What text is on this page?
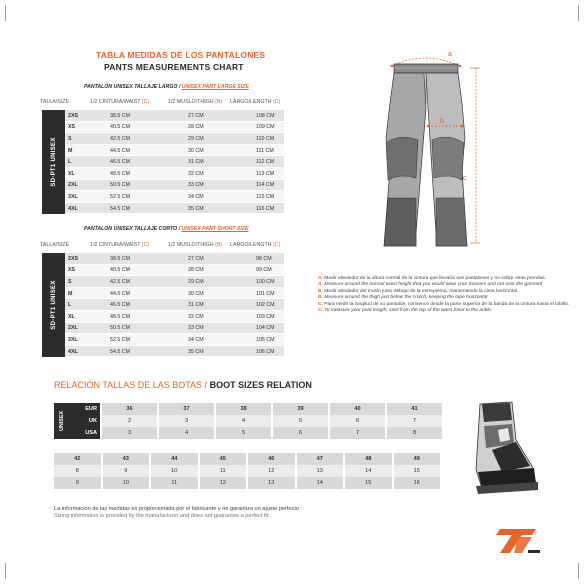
TABLA MEDIDAS DE LOS PANTALONES
PANTS MEASUREMENTS CHART
PANTALÓN UNISEX TALLAJE LARGO / UNISEX PANT LARGE SIZE
TALLA/SIZE	1/2 CINTURA/WAIST (C)	1/2 MUSLO/THIGH (B) LARGO/LENGTH (C)
SD-PT1 UNISEX
2XS	38.5 CM	27 CM	108 CM
XS	40.5 CM	28 CM	109 CM
S	42.5 CM	29 CM	110 CM
M	44.5 CM	30 CM	111 CM
L	46.5 CM	31 CM	112 CM
XL	48.5 CM	32 CM	113 CM
2XL	50.5 CM	33 CM	114 CM
3XL	52.5 CM	34 CM	115 CM
4XL	54.5 CM	35 CM	116 CM
PANTALÓN UNISEX TALLAJE CORTO / UNISEX PANT SHORT SIZE
TALLA/SIZE	1/2 CINTURA/WAIST (C)	1/2 MUSLO/THIGH (B) LARGO/LENGTH (C)
SD-PT1 UNISEX
2XS	38.5 CM	27 CM	98 CM
XS	40.5 CM	28 CM	99 CM
S	42.5 CM	29 CM	100 CM
M	44.5 CM	30 CM	101 CM
L	46.5 CM	31 CM	102 CM
XL	48.5 CM	32 CM	103 CM
2XL	50.5 CM	33 CM	104 CM
3XL	52.5 CM	34 CM	105 CM
4XL	54.5 CM	35 CM	106 CM
a
c
b
A. Medir alrededor de la altura normal de la cintura que llevaría sus pantalones y no sobre otras prendas.
A. Measure around the normal waist height that you would wear your trousers and not over the garment
B. Medir alrededor del muslo justo debajo de la entrepierna, manteniendo la cinta horizontal.
B. Measure around the thigh just below the crotch, keeping the tape horizontal
C. Para medir la longitud de su pantalón, comience desde la parte superior de la banda de la cintura hasta el tobillo.
C. To measure your pant length, start from the top of the waist band to the ankle.
RELACIÓN TALLAS DE LAS BOTAS / BOOT SIZES RELATION
UNISEX
EUR	36	37	38	39	40	41
UK	2	3	4	5	6	7
USA	3	4	5	6	7	8
42	43	44	45	46	47	48	49
8	9	10	11	12	13	14	15
9	10	11	12	13	14	15	16
La información de las medidas es proporcionada por el fabricante y no garantiza un ajuste perfecto
Sizing information is provided by the manufacturer and does not guarantee a perfect fit.
7
